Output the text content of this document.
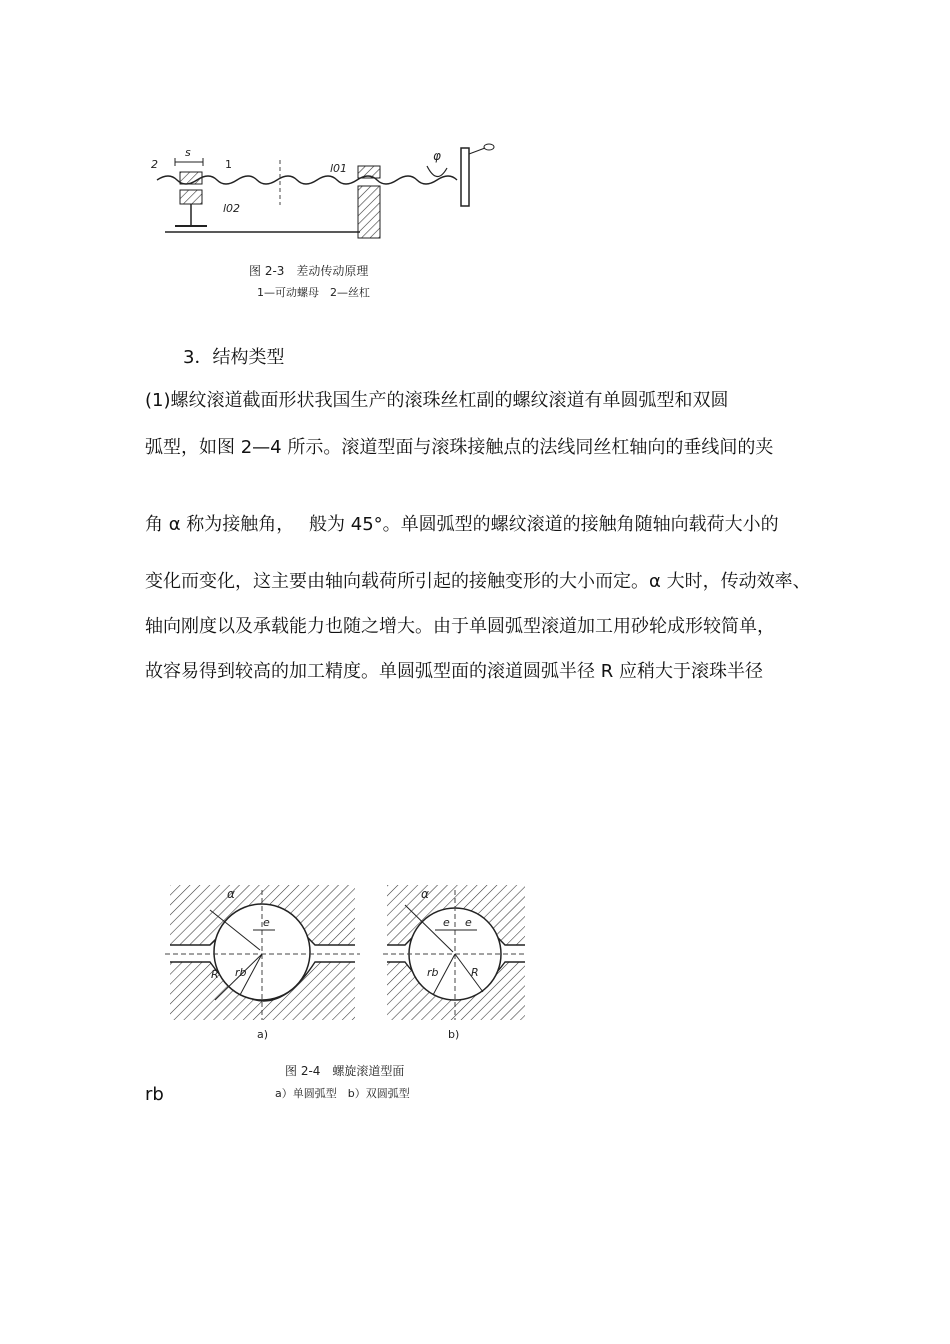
2
s
1	l01
l02
φ
图 2-3　差动传动原理
1—可动螺母　2—丝杠
3．结构类型
(1)螺纹滚道截面形状我国生产的滚珠丝杠副的螺纹滚道有单圆弧型和双圆
弧型，如图 2—4 所示。滚道型面与滚珠接触点的法线同丝杠轴向的垂线间的夹
角 α 称为接触角，　 般为 45°。单圆弧型的螺纹滚道的接触角随轴向载荷大小的
变化而变化，这主要由轴向载荷所引起的接触变形的大小而定。α 大时，传动效率、
轴向刚度以及承载能力也随之增大。由于单圆弧型滚道加工用砂轮成形较简单，
故容易得到较高的加工精度。单圆弧型面的滚道圆弧半径 R 应稍大于滚珠半径
α
e
R rb
a)
α
e e
rb	R
b)
图 2-4　螺旋滚道型面
a）单圆弧型　b）双圆弧型
rb
